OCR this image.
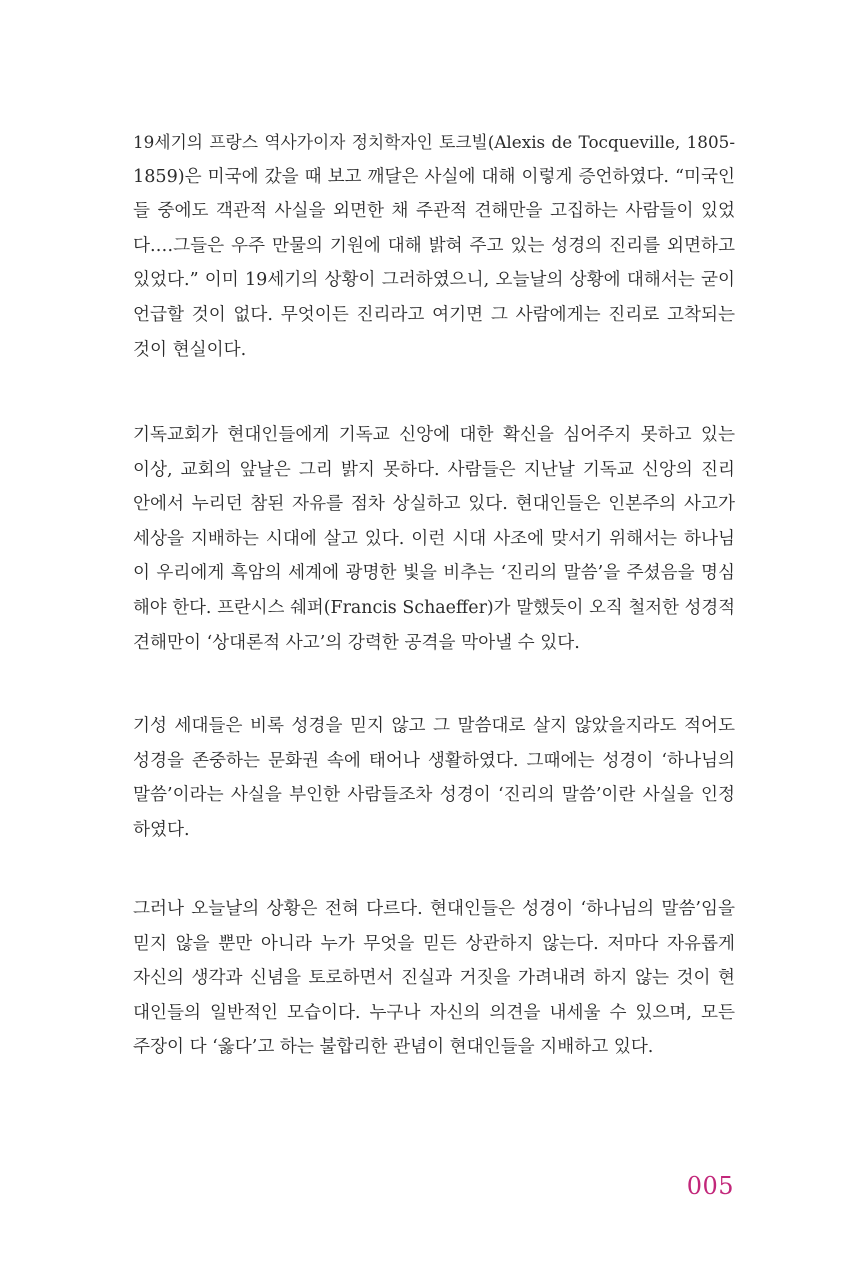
19세기의 프랑스 역사가이자 정치학자인 토크빌(Alexis de Tocqueville, 1805-
1859)은 미국에 갔을 때 보고 깨달은 사실에 대해 이렇게 증언하였다. “미국인
들 중에도 객관적 사실을 외면한 채 주관적 견해만을 고집하는 사람들이 있었
다.…그들은 우주 만물의 기원에 대해 밝혀 주고 있는 성경의 진리를 외면하고
있었다.” 이미 19세기의 상황이 그러하였으니, 오늘날의 상황에 대해서는 굳이
언급할 것이 없다. 무엇이든 진리라고 여기면 그 사람에게는 진리로 고착되는
것이 현실이다.

기독교회가 현대인들에게 기독교 신앙에 대한 확신을 심어주지 못하고 있는
이상, 교회의 앞날은 그리 밝지 못하다. 사람들은 지난날 기독교 신앙의 진리
안에서 누리던 참된 자유를 점차 상실하고 있다. 현대인들은 인본주의 사고가
세상을 지배하는 시대에 살고 있다. 이런 시대 사조에 맞서기 위해서는 하나님
이 우리에게 흑암의 세계에 광명한 빛을 비추는 ‘진리의 말씀’을 주셨음을 명심
해야 한다. 프란시스 쉐퍼(Francis Schaeffer)가 말했듯이 오직 철저한 성경적
견해만이 ‘상대론적 사고’의 강력한 공격을 막아낼 수 있다.

기성 세대들은 비록 성경을 믿지 않고 그 말씀대로 살지 않았을지라도 적어도
성경을 존중하는 문화권 속에 태어나 생활하였다. 그때에는 성경이 ‘하나님의
말씀’이라는 사실을 부인한 사람들조차 성경이 ‘진리의 말씀’이란 사실을 인정
하였다.

그러나 오늘날의 상황은 전혀 다르다. 현대인들은 성경이 ‘하나님의 말씀’임을
믿지 않을 뿐만 아니라 누가 무엇을 믿든 상관하지 않는다. 저마다 자유롭게
자신의 생각과 신념을 토로하면서 진실과 거짓을 가려내려 하지 않는 것이 현
대인들의 일반적인 모습이다. 누구나 자신의 의견을 내세울 수 있으며, 모든
주장이 다 ‘옳다’고 하는 불합리한 관념이 현대인들을 지배하고 있다.

005
